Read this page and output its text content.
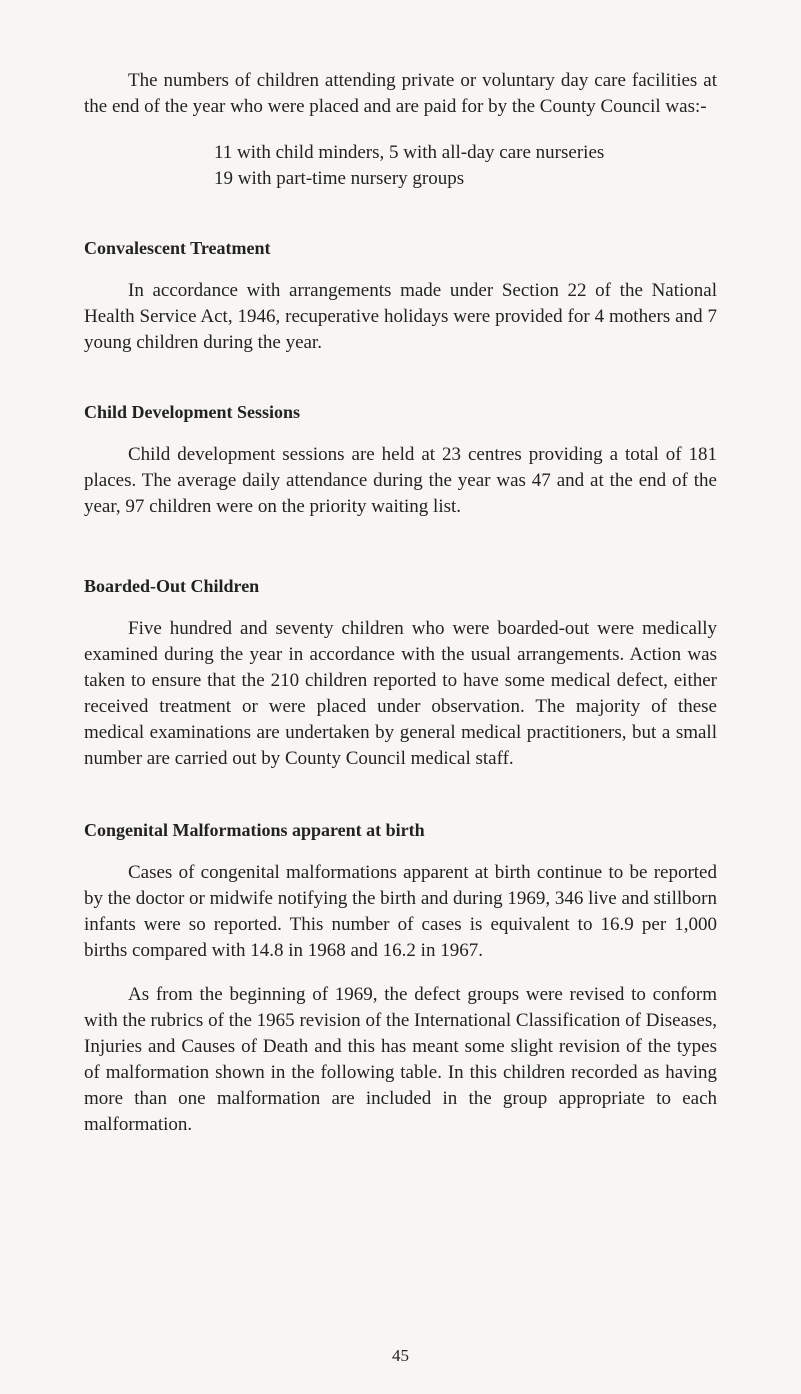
The numbers of children attending private or voluntary day care facilities at the end of the year who were placed and are paid for by the County Council was:-

11 with child minders, 5 with all-day care nurseries
19 with part-time nursery groups
Convalescent Treatment

In accordance with arrangements made under Section 22 of the National Health Service Act, 1946, recuperative holidays were provided for 4 mothers and 7 young children during the year.

Child Development Sessions

Child development sessions are held at 23 centres providing a total of 181 places. The average daily attendance during the year was 47 and at the end of the year, 97 children were on the priority waiting list.

Boarded-Out Children

Five hundred and seventy children who were boarded-out were medically examined during the year in accordance with the usual arrangements. Action was taken to ensure that the 210 children reported to have some medical defect, either received treatment or were placed under observation. The majority of these medical examinations are undertaken by general medical practitioners, but a small number are carried out by County Council medical staff.

Congenital Malformations apparent at birth

Cases of congenital malformations apparent at birth continue to be reported by the doctor or midwife notifying the birth and during 1969, 346 live and stillborn infants were so reported. This number of cases is equivalent to 16.9 per 1,000 births compared with 14.8 in 1968 and 16.2 in 1967.

As from the beginning of 1969, the defect groups were revised to conform with the rubrics of the 1965 revision of the International Classification of Diseases, Injuries and Causes of Death and this has meant some slight revision of the types of malformation shown in the following table. In this children recorded as having more than one malformation are included in the group appropriate to each malformation.

45
